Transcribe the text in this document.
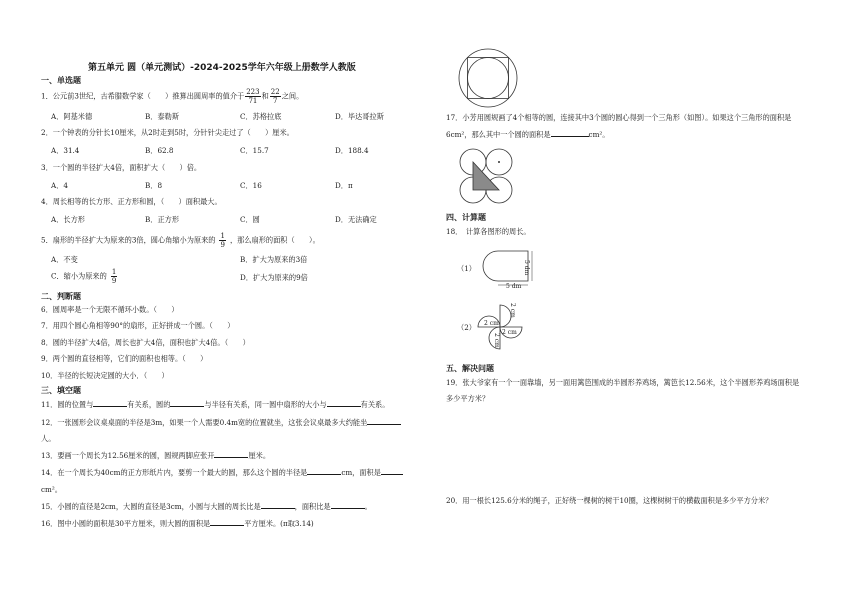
第五单元 圆（单元测试）-2024-2025学年六年级上册数学人教版
一、单选题
1．公元前3世纪，古希腊数学家（　　）推算出圆周率的值介于 $\frac{223}{71}$ 和 $\frac{22}{7}$ 之间。
A．阿基米德	B．泰勒斯	C．苏格拉底	D．毕达哥拉斯
2．一个钟表的分针长10厘米，从2时走到5时，分针针尖走过了（　　）厘米。
A．31.4	B．62.8	C．15.7	D．188.4
3．一个圆的半径扩大4倍，面积扩大（　　）倍。
A．4	B．8	C．16	D．π
4．周长相等的长方形、正方形和圆，（　　）面积最大。
A．长方形	B．正方形	C．圆	D．无法确定
5．扇形的半径扩大为原来的3倍，圆心角缩小为原来的 $\frac{1}{9}$ ，那么扇形的面积（　　）。
A．不变	B．扩大为原来的3倍
C．缩小为原来的 $\frac{1}{9}$	D．扩大为原来的9倍
二、判断题
6．圆周率是一个无限不循环小数。（　　）
7．用四个圆心角相等90°的扇形，正好拼成一个圆。（　　）
8．圆的半径扩大4倍，周长也扩大4倍，面积也扩大4倍。（　　）
9．两个圆的直径相等，它们的面积也相等。（　　）
10．半径的长短决定圆的大小．（　　）
三、填空题
11．圆的位置与	有关系，圆的	与半径有关系，同一圆中扇形的大小与	有关系。
12．一张圆形会议桌桌面的半径是3m，如果一个人需要0.4m宽的位置就坐，这张会议桌最多大约能坐
人。
13．要画一个周长为12.56厘米的圆，圆规两脚应张开	厘米。
14．在一个周长为40cm的正方形纸片内，要剪一个最大的圆，那么这个圆的半径是	cm，面积是
cm²。
15．小圆的直径是2cm，大圆的直径是3cm，小圆与大圆的周长比是	，面积比是	。
16．图中小圆的面积是30平方厘米，则大圆的面积是	平方厘米。(π取3.14)
17．小芳用圆规画了4个相等的圆，连接其中3个圆的圆心得到一个三角形（如图）。如果这个三角形的面积是
6cm²，那么其中一个圆的面积是	cm²。
四、计算题
18．　计算各图形的周长。
（1）	5 dm
5 dm
（2） 2 cm
2 cm
2 cm
2 cm
五、解决问题
19．张大爷家有一个一面靠墙，另一面用篱笆围成的半圆形养鸡场，篱笆长12.56米，这个半圆形养鸡场面积是
多少平方米？
20．用一根长125.6分米的绳子，正好绕一棵树的树干10圈，这棵树树干的横截面积是多少平方分米？
